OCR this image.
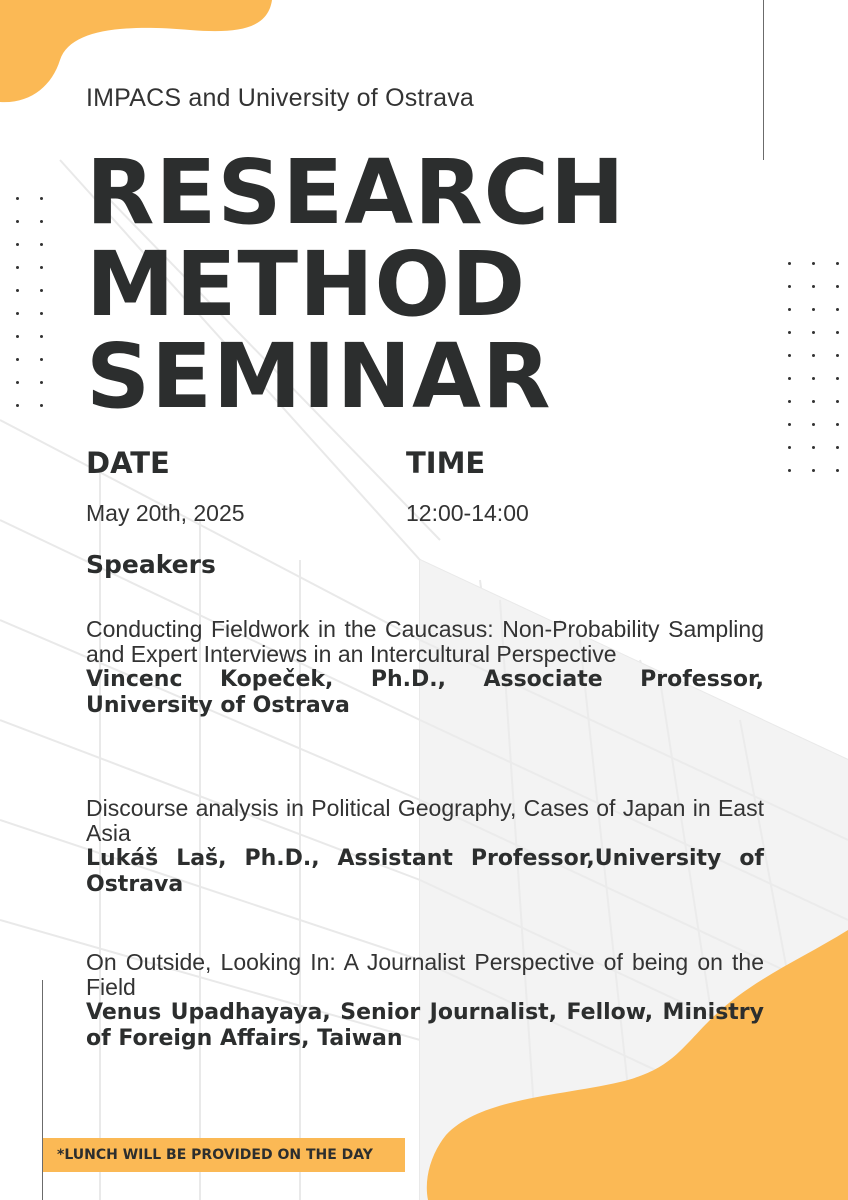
IMPACS and University of Ostrava
RESEARCH
METHOD
SEMINAR
DATE	TIME
May 20th, 2025	12:00-14:00
Speakers
Conducting Fieldwork in the Caucasus: Non-Probability Sampling and Expert Interviews in an Intercultural Perspective
Vincenc Kopeček, Ph.D., Associate Professor, University of Ostrava
Discourse analysis in Political Geography, Cases of Japan in East Asia
Lukáš Laš, Ph.D., Assistant Professor,University of Ostrava
On Outside, Looking In: A Journalist Perspective of being on the Field
Venus Upadhayaya, Senior Journalist, Fellow, Ministry of Foreign Affairs, Taiwan
*LUNCH WILL BE PROVIDED ON THE DAY
